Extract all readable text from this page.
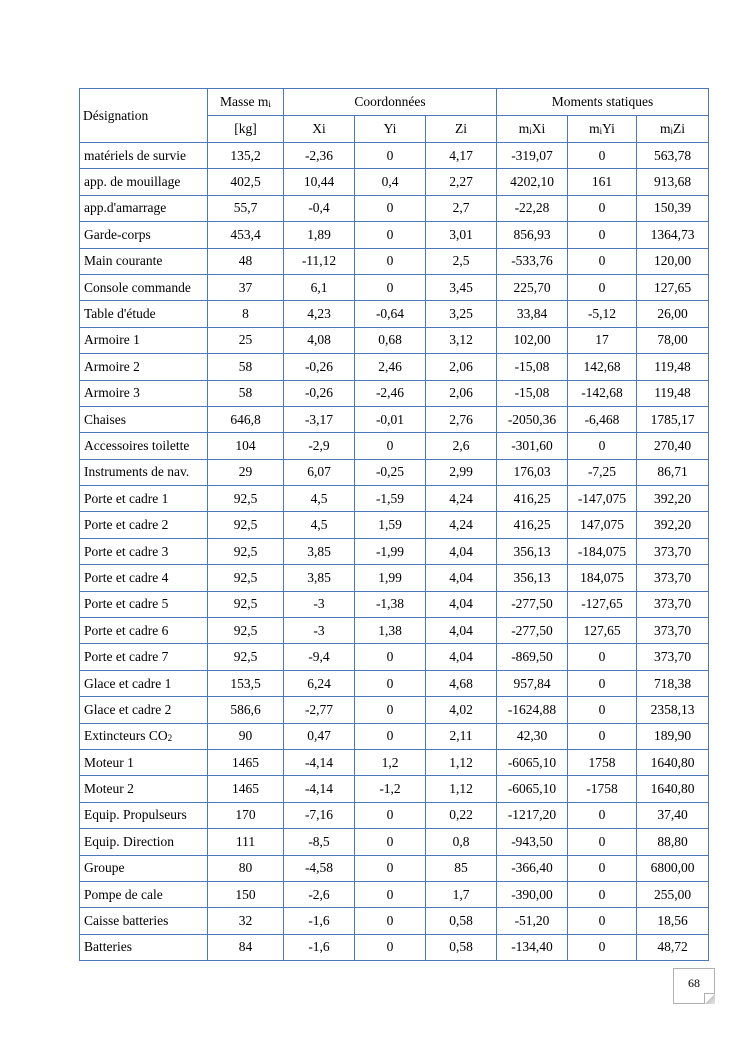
Désignation	Masse $m_i$	Coordonnées			Moments statiques		
	[kg]	Xi	Yi	Zi	$m_iXi$	$m_iYi$	$m_iZi$
matériels de survie	135,2	-2,36	0	4,17	-319,07	0	563,78
app. de mouillage	402,5	10,44	0,4	2,27	4202,10	161	913,68
app.d'amarrage	55,7	-0,4	0	2,7	-22,28	0	150,39
Garde-corps	453,4	1,89	0	3,01	856,93	0	1364,73
Main courante	48	-11,12	0	2,5	-533,76	0	120,00
Console commande	37	6,1	0	3,45	225,70	0	127,65
Table d'étude	8	4,23	-0,64	3,25	33,84	-5,12	26,00
Armoire 1	25	4,08	0,68	3,12	102,00	17	78,00
Armoire 2	58	-0,26	2,46	2,06	-15,08	142,68	119,48
Armoire 3	58	-0,26	-2,46	2,06	-15,08	-142,68	119,48
Chaises	646,8	-3,17	-0,01	2,76	-2050,36	-6,468	1785,17
Accessoires toilette	104	-2,9	0	2,6	-301,60	0	270,40
Instruments de nav.	29	6,07	-0,25	2,99	176,03	-7,25	86,71
Porte et cadre 1	92,5	4,5	-1,59	4,24	416,25	-147,075	392,20
Porte et cadre 2	92,5	4,5	1,59	4,24	416,25	147,075	392,20
Porte et cadre 3	92,5	3,85	-1,99	4,04	356,13	-184,075	373,70
Porte et cadre 4	92,5	3,85	1,99	4,04	356,13	184,075	373,70
Porte et cadre 5	92,5	-3	-1,38	4,04	-277,50	-127,65	373,70
Porte et cadre 6	92,5	-3	1,38	4,04	-277,50	127,65	373,70
Porte et cadre 7	92,5	-9,4	0	4,04	-869,50	0	373,70
Glace et cadre 1	153,5	6,24	0	4,68	957,84	0	718,38
Glace et cadre 2	586,6	-2,77	0	4,02	-1624,88	0	2358,13
Extincteurs $CO_2$	90	0,47	0	2,11	42,30	0	189,90
Moteur 1	1465	-4,14	1,2	1,12	-6065,10	1758	1640,80
Moteur 2	1465	-4,14	-1,2	1,12	-6065,10	-1758	1640,80
Equip. Propulseurs	170	-7,16	0	0,22	-1217,20	0	37,40
Equip. Direction	111	-8,5	0	0,8	-943,50	0	88,80
Groupe	80	-4,58	0	85	-366,40	0	6800,00
Pompe de cale	150	-2,6	0	1,7	-390,00	0	255,00
Caisse batteries	32	-1,6	0	0,58	-51,20	0	18,56
Batteries	84	-1,6	0	0,58	-134,40	0	48,72
68
